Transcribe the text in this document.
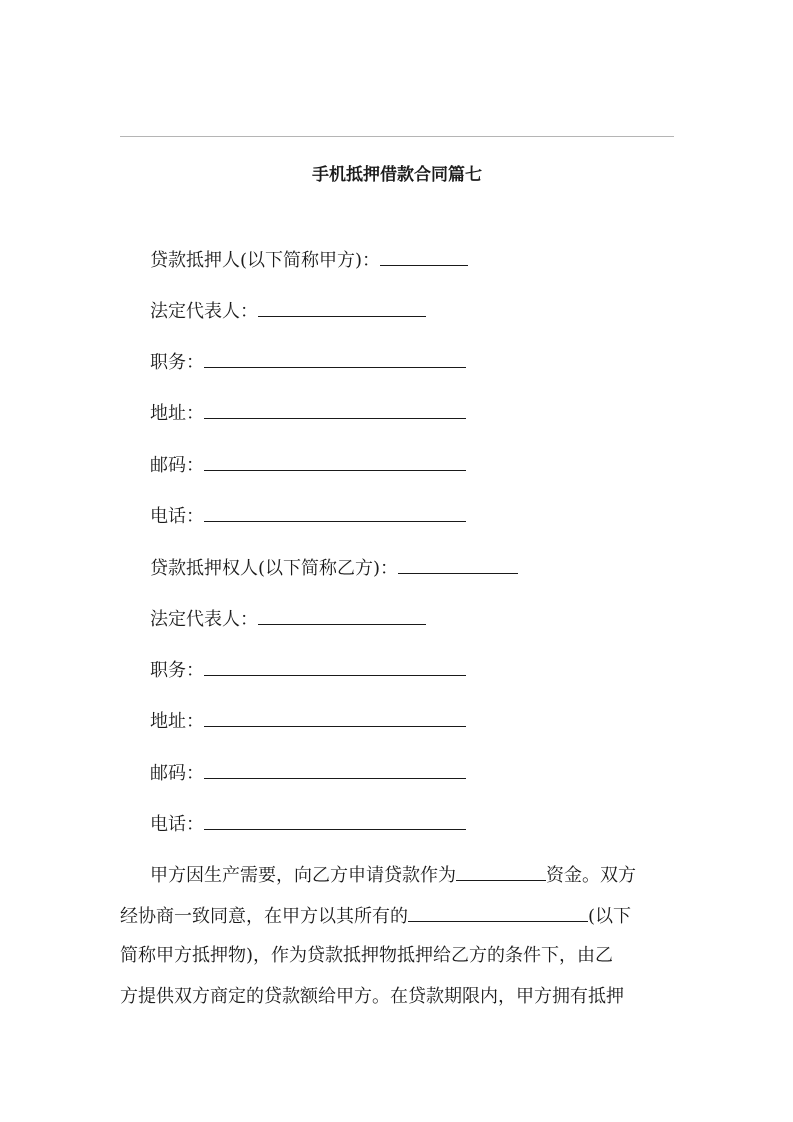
手机抵押借款合同篇七
贷款抵押人(以下简称甲方)：
法定代表人：
职务：
地址：
邮码：
电话：
贷款抵押权人(以下简称乙方)：
法定代表人：
职务：
地址：
邮码：
电话：
甲方因生产需要，向乙方申请贷款作为	资金。双方
经协商一致同意，在甲方以其所有的	(以下
简称甲方抵押物)，作为贷款抵押物抵押给乙方的条件下，由乙
方提供双方商定的贷款额给甲方。在贷款期限内，甲方拥有抵押
